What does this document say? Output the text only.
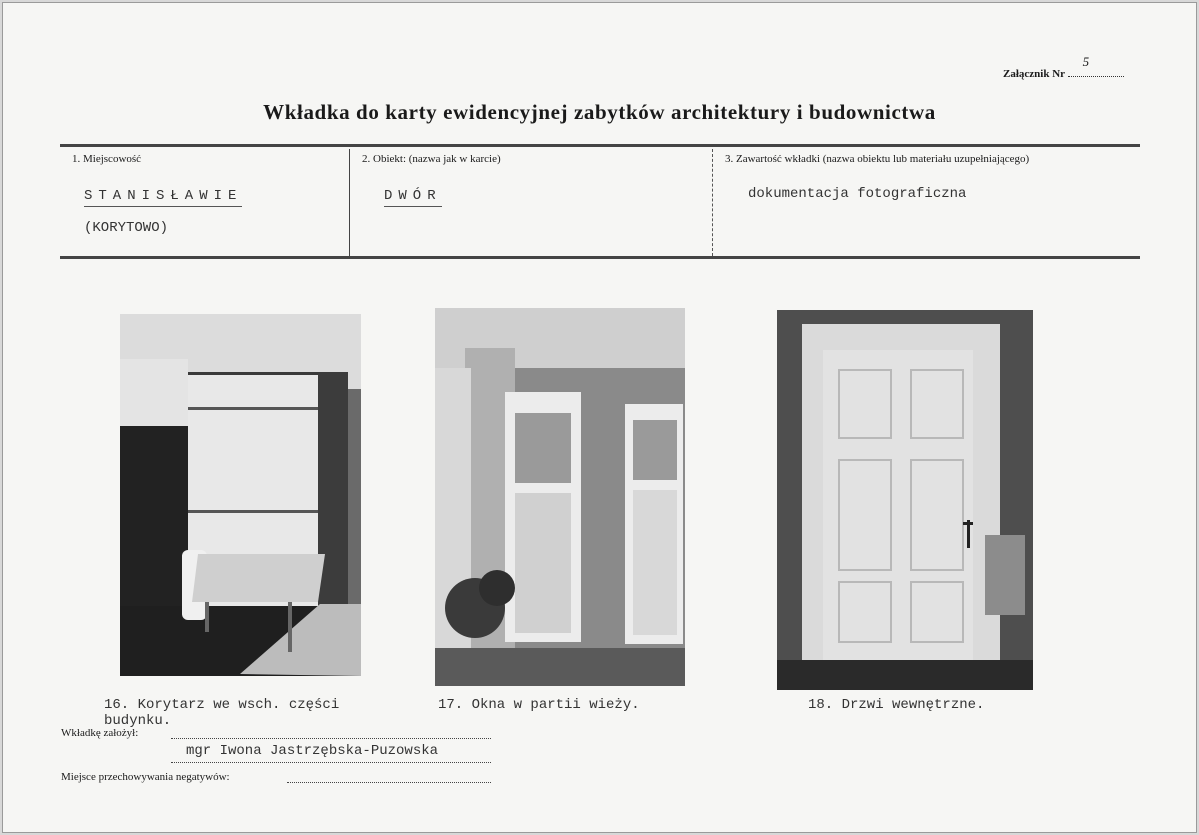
Załącznik Nr
5
Wkładka do karty ewidencyjnej zabytków architektury i budownictwa
1. Miejscowość
STANISŁAWIE
(KORYTOWO)
2. Obiekt: (nazwa jak w karcie)
DWÓR
3. Zawartość wkładki (nazwa obiektu lub materiału uzupełniającego)
dokumentacja fotograficzna
16. Korytarz we wsch. części budynku.
17. Okna w partii wieży.	18. Drzwi wewnętrzne.
Wkładkę założył:
mgr Iwona Jastrzębska-Puzowska
Miejsce przechowywania negatywów:
